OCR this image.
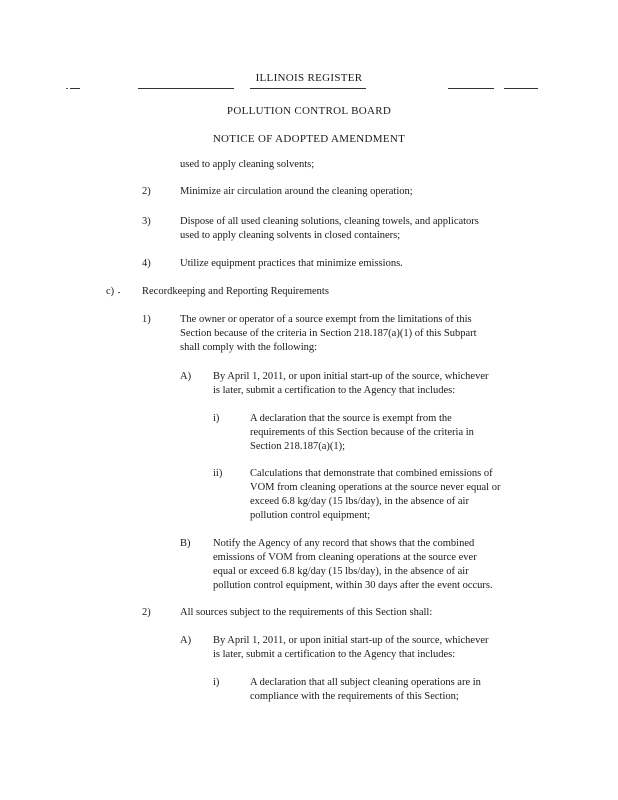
ILLINOIS REGISTER
POLLUTION CONTROL BOARD
NOTICE OF ADOPTED AMENDMENT
used to apply cleaning solvents;
2)	Minimize air circulation around the cleaning operation;
3)	Dispose of all used cleaning solutions, cleaning towels, and applicators
used to apply cleaning solvents in closed containers;
4)	Utilize equipment practices that minimize emissions.
c)	Recordkeeping and Reporting Requirements
1)	The owner or operator of a source exempt from the limitations of this
Section because of the criteria in Section 218.187(a)(1) of this Subpart
shall comply with the following:
A) By April 1, 2011, or upon initial start-up of the source, whichever
is later, submit a certification to the Agency that includes:
i)	A declaration that the source is exempt from the
requirements of this Section because of the criteria in
Section 218.187(a)(1);
ii)	Calculations that demonstrate that combined emissions of
VOM from cleaning operations at the source never equal or
exceed 6.8 kg/day (15 lbs/day), in the absence of air
pollution control equipment;
B) Notify the Agency of any record that shows that the combined
emissions of VOM from cleaning operations at the source ever
equal or exceed 6.8 kg/day (15 lbs/day), in the absence of air
pollution control equipment, within 30 days after the event occurs.
2)	All sources subject to the requirements of this Section shall:
A) By April 1, 2011, or upon initial start-up of the source, whichever
is later, submit a certification to the Agency that includes:
i)	A declaration that all subject cleaning operations are in
compliance with the requirements of this Section;
